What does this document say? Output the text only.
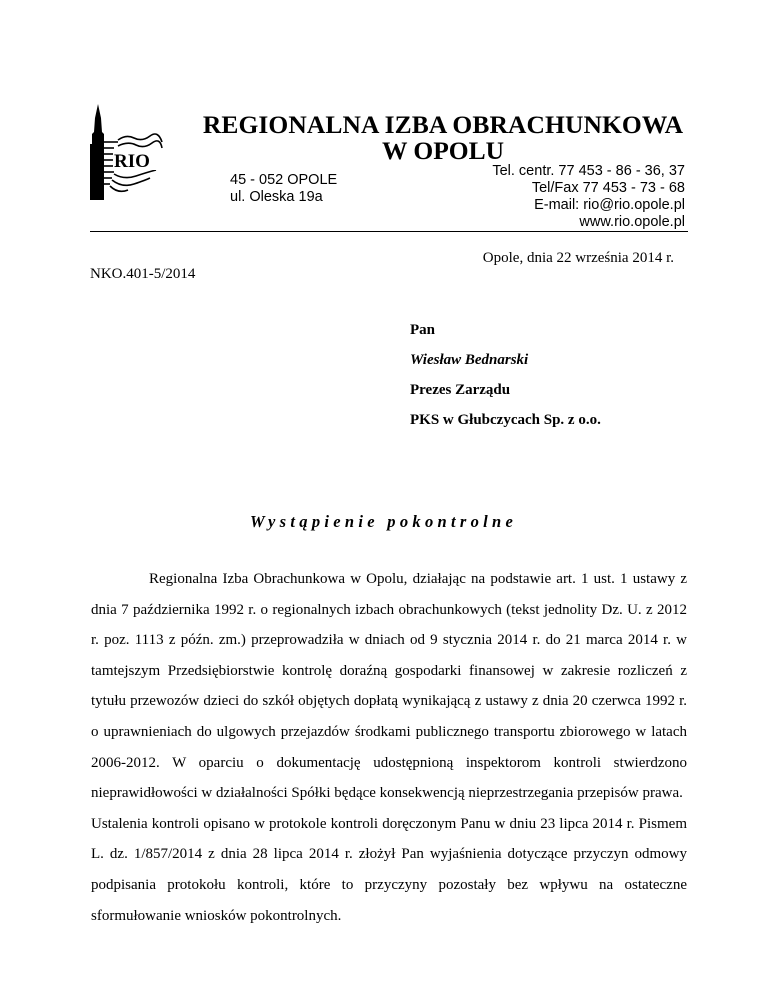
RIO
REGIONALNA IZBA OBRACHUNKOWA
W OPOLU
45 - 052 OPOLE
ul. Oleska 19a
Tel. centr. 77 453 - 86 - 36, 37
Tel/Fax 77 453 - 73 - 68
E-mail: rio@rio.opole.pl
www.rio.opole.pl
Opole, dnia 22 września 2014 r.
NKO.401-5/2014
Pan
Wiesław Bednarski
Prezes Zarządu
PKS w Głubczycach Sp. z o.o.
Wystąpienie pokontrolne

Regionalna Izba Obrachunkowa w Opolu, działając na podstawie art. 1 ust. 1 ustawy z dnia 7 października 1992 r. o regionalnych izbach obrachunkowych (tekst jednolity Dz. U. z 2012 r. poz. 1113 z późn. zm.) przeprowadziła w dniach od 9 stycznia 2014 r. do 21 marca 2014 r. w tamtejszym Przedsiębiorstwie kontrolę doraźną gospodarki finansowej w zakresie rozliczeń z tytułu przewozów dzieci do szkół objętych dopłatą wynikającą z ustawy z dnia 20 czerwca 1992 r. o uprawnieniach do ulgowych przejazdów środkami publicznego transportu zbiorowego w latach 2006-2012. W oparciu o dokumentację udostępnioną inspektorom kontroli stwierdzono nieprawidłowości w działalności Spółki będące konsekwencją nieprzestrzegania przepisów prawa.

Ustalenia kontroli opisano w protokole kontroli doręczonym Panu w dniu 23 lipca 2014 r. Pismem L. dz. 1/857/2014 z dnia 28 lipca 2014 r. złożył Pan wyjaśnienia dotyczące przyczyn odmowy podpisania protokołu kontroli, które to przyczyny pozostały bez wpływu na ostateczne sformułowanie wniosków pokontrolnych.
